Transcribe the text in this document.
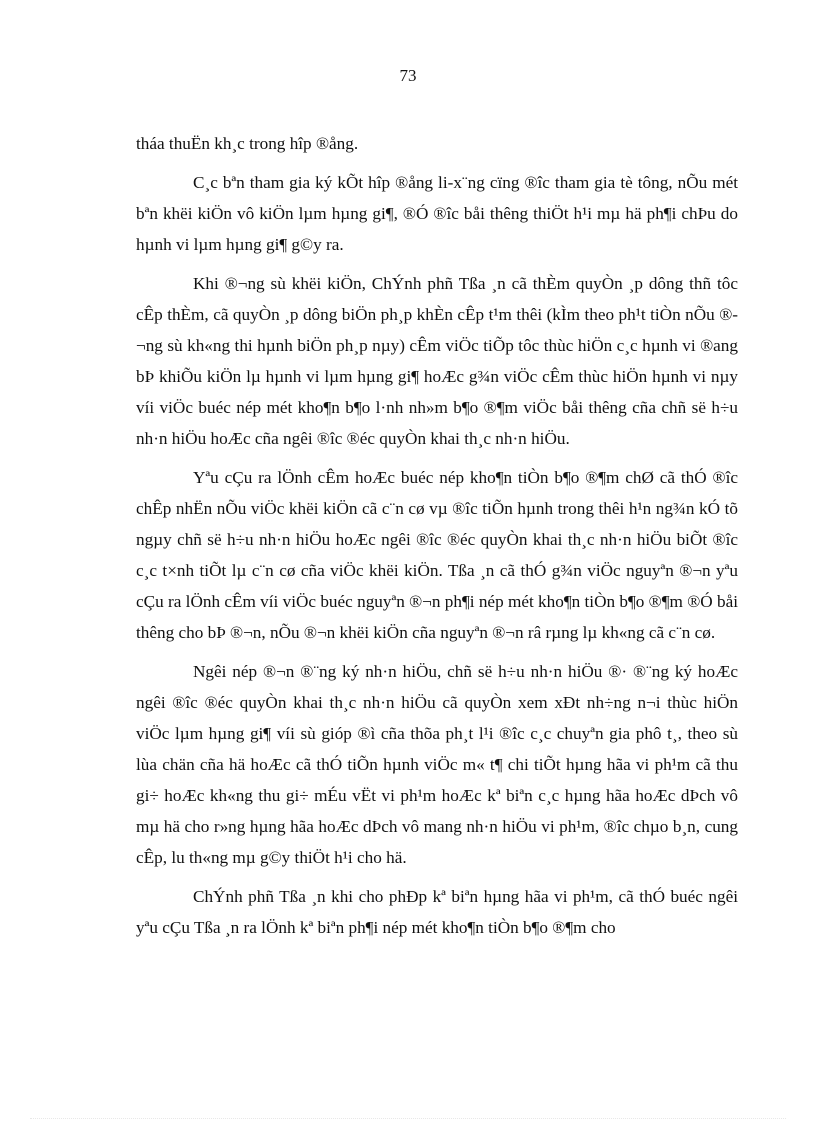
73

tháa thuËn kh¸c trong hîp ®ång.

C¸c bªn tham gia ký kÕt hîp ®ång li-x¨ng cïng ®îc tham gia tè tông, nÕu mét bªn khëi kiÖn vô kiÖn lµm hµng gi¶, ®Ó ®îc båi thêng thiÖt h¹i mµ hä ph¶i chÞu do hµnh vi lµm hµng gi¶ g©y ra.

Khi ®¬ng sù khëi kiÖn, ChÝnh phñ Tßa ¸n cã thÈm quyÒn ¸p dông thñ tôc cÊp thÈm, cã quyÒn ¸p dông biÖn ph¸p khÈn cÊp t¹m thêi (kÌm theo ph¹t tiÒn nÕu ®¬ng sù kh«ng thi hµnh biÖn ph¸p nµy) cÊm viÖc tiÕp tôc thùc hiÖn c¸c hµnh vi ®ang bÞ khiÕu kiÖn lµ hµnh vi lµm hµng gi¶ hoÆc g¾n viÖc cÊm thùc hiÖn hµnh vi nµy víi viÖc buéc nép mét kho¶n b¶o l·nh nh»m b¶o ®¶m viÖc båi thêng cña chñ së h÷u nh·n hiÖu hoÆc cña ngêi ®îc ®éc quyÒn khai th¸c nh·n hiÖu.

Yªu cÇu ra lÖnh cÊm hoÆc buéc nép kho¶n tiÒn b¶o ®¶m chØ cã thÓ ®îc chÊp nhËn nÕu viÖc khëi kiÖn cã c¨n cø vµ ®îc tiÕn hµnh trong thêi h¹n ng¾n kÓ tõ ngµy chñ së h÷u nh·n hiÖu hoÆc ngêi ®îc ®éc quyÒn khai th¸c nh·n hiÖu biÕt ®îc c¸c t×nh tiÕt lµ c¨n cø cña viÖc khëi kiÖn. Tßa ¸n cã thÓ g¾n viÖc nguyªn ®¬n yªu cÇu ra lÖnh cÊm víi viÖc buéc nguyªn ®¬n ph¶i nép mét kho¶n tiÒn b¶o ®¶m ®Ó båi thêng cho bÞ ®¬n, nÕu ®¬n khëi kiÖn cña nguyªn ®¬n râ rµng lµ kh«ng cã c¨n cø.

Ngêi nép ®¬n ®¨ng ký nh·n hiÖu, chñ së h÷u nh·n hiÖu ®· ®¨ng ký hoÆc ngêi ®îc ®éc quyÒn khai th¸c nh·n hiÖu cã quyÒn xem xÐt nh÷ng n¬i thùc hiÖn viÖc lµm hµng gi¶ víi sù gióp ®ì cña thõa ph¸t l¹i ®îc c¸c chuyªn gia phô t¸, theo sù lùa chän cña hä hoÆc cã thÓ tiÕn hµnh viÖc m« t¶ chi tiÕt hµng hãa vi ph¹m cã thu gi÷ hoÆc kh«ng thu gi÷ mÉu vËt vi ph¹m hoÆc kª biªn c¸c hµng hãa hoÆc dÞch vô mµ hä cho r»ng hµng hãa hoÆc dÞch vô mang nh·n hiÖu vi ph¹m, ®îc chµo b¸n, cung cÊp, lu th«ng mµ g©y thiÖt h¹i cho hä.

ChÝnh phñ Tßa ¸n khi cho phÐp kª biªn hµng hãa vi ph¹m, cã thÓ buéc ngêi yªu cÇu Tßa ¸n ra lÖnh kª biªn ph¶i nép mét kho¶n tiÒn b¶o ®¶m cho
